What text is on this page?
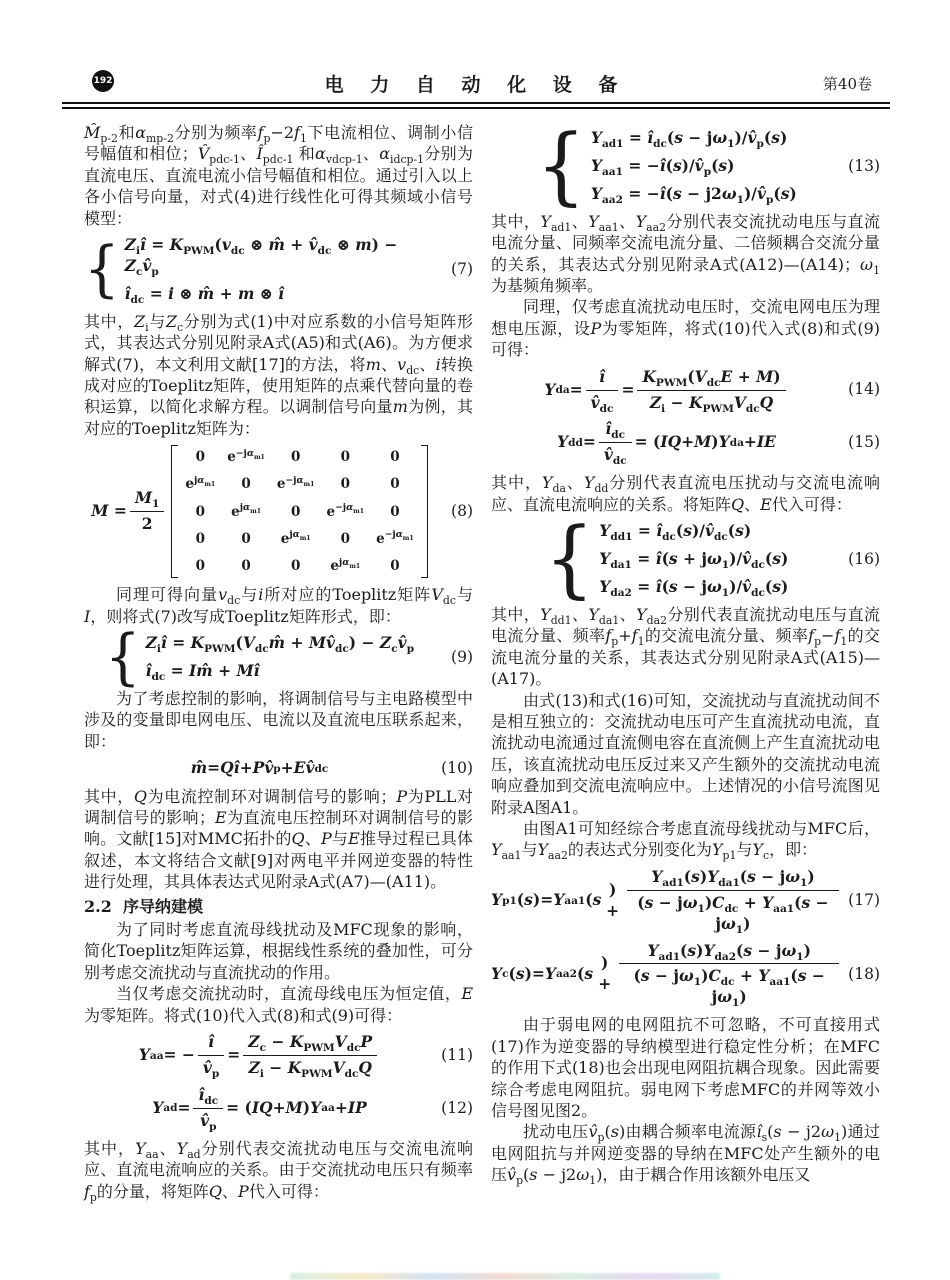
192	电 力 自 动 化 设 备	第40卷

$M̂_{p-2}$和$\alpha_{mp-2}$分别为频率$f_p-2f_1$下电流相位、调制小信号幅值和相位；$V̂_{pdc-1}$、$Î_{pdc-1}$ 和$\alpha_{vdcp-1}$、$\alpha_{idcp-1}$分别为直流电压、直流电流小信号幅值和相位。通过引入以上各小信号向量，对式(4)进行线性化可得其频域小信号模型：

{ $Z_iî = K_{PWM}(v_{dc}$ ⊗ m̂ + $v̂_{dc}$ ⊗ $m) - Z_cv̂_p$
$î_{dc} = i$ ⊗ m̂ + m ⊗ î
(7)

其中，$Z_i$与$Z_c$分别为式(1)中对应系数的小信号矩阵形式，其表达式分别见附录A式(A5)和式(A6)。为方便求解式(7)，本文利用文献[17]的方法，将m、$v_{dc}$、i转换成对应的Toeplitz矩阵，使用矩阵的点乘代替向量的卷积运算，以简化求解方程。以调制信号向量m为例，其对应的Toeplitz矩阵为：

$M = \frac{M_1}{2}$
0 $e^{-j\alpha_{m1}}$ 0	0	0
$e^{j\alpha_{m1}}$ 0 $e^{-j\alpha_{m1}}$ 0	0
0 $e^{j\alpha_{m1}}$ 0 $e^{-j\alpha_{m1}}$ 0
0	0 $e^{j\alpha_{m1}}$ 0 $e^{-j\alpha_{m1}}$
0	0	0 $e^{j\alpha_{m1}}$ 0
(8)

同理可得向量$v_{dc}$与i所对应的Toeplitz矩阵$V_{dc}$与I，则将式(7)改写成Toeplitz矩阵形式，即：

{ $Z_iî$ = $K_{PWM}(V_{dc}m̂$ + $Mv̂_{dc}$) − $Z_cv̂_p$
$î_{dc}$ = Im̂ + Mî
(9)

为了考虑控制的影响，将调制信号与主电路模型中涉及的变量即电网电压、电流以及直流电压联系起来，即：

m̂ = Q î + P v̂ p + E v̂ dc	(10)

其中，Q为电流控制环对调制信号的影响；P为PLL对调制信号的影响；E为直流电压控制环对调制信号的影响。文献[15]对MMC拓扑的Q、P与E推导过程已具体叙述，本文将结合文献[9]对两电平并网逆变器的特性进行处理，其具体表达式见附录A式(A7)—(A11)。

2.2  序导纳建模

为了同时考虑直流母线扰动及MFC现象的影响，简化Toeplitz矩阵运算，根据线性系统的叠加性，可分别考虑交流扰动与直流扰动的作用。

当仅考虑交流扰动时，直流母线电压为恒定值，E为零矩阵。将式(10)代入式(8)和式(9)可得：

Y aa = −
î
$v̂_p$
=
$Z_c - K_{PWM}V_{dc}P$
$Z_i - K_{PWM}V_{dc}Q$
(11)
Y ad =
$î_{dc}$
$v̂_p$
= ( IQ + M ) Y aa + IP	(12)

其中，$Y_{aa}$、$Y_{ad}$分别代表交流扰动电压与交流电流响应、直流电流响应的关系。由于交流扰动电压只有频率$f_p$的分量，将矩阵Q、P代入可得：

{ $Y_{ad1}$ = $î_{dc}(s$ − $j\omega_1)/v̂_p(s)$
$Y_{aa1}$ = $-î(s)/v̂_p(s)$
$Y_{aa2}$ = −î(s − $j2\omega_1)/v̂_p(s)$
(13)

其中，$Y_{ad1}$、$Y_{aa1}$、$Y_{aa2}$分别代表交流扰动电压与直流电流分量、同频率交流电流分量、二倍频耦合交流分量的关系，其表达式分别见附录A式(A12)—(A14)；$\omega_1$为基频角频率。

同理，仅考虑直流扰动电压时，交流电网电压为理想电压源，设P为零矩阵，将式(10)代入式(8)和式(9)可得：

Y da =
î
$v̂_{dc}$
=
$K_{PWM}(V_{dc}E + M)$
$Z_i - K_{PWM}V_{dc}Q$
(14)
Y dd =
$î_{dc}$
$v̂_{dc}$
= ( IQ + M ) Y da + IE	(15)

其中，$Y_{da}$、$Y_{dd}$分别代表直流电压扰动与交流电流响应、直流电流响应的关系。将矩阵Q、E代入可得：

{ $Y_{dd1}$ = $î_{dc}(s)/v̂_{dc}(s)$
$Y_{da1}$ = î(s + $j\omega_1)/v̂_{dc}(s)$
$Y_{da2}$ = î(s − $j\omega_1)/v̂_{dc}(s)$
(16)

其中，$Y_{dd1}$、$Y_{da1}$、$Y_{da2}$分别代表直流扰动电压与直流电流分量、频率$f_p+f_1$的交流电流分量、频率$f_p-f_1$的交流电流分量的关系，其表达式分别见附录A式(A15)—(A17)。

由式(13)和式(16)可知，交流扰动与直流扰动间不是相互独立的：交流扰动电压可产生直流扰动电流，直流扰动电流通过直流侧电容在直流侧上产生直流扰动电压，该直流扰动电压反过来又产生额外的交流扰动电流响应叠加到交流电流响应中。上述情况的小信号流图见附录A图A1。

由图A1可知经综合考虑直流母线扰动与MFC后，$Y_{aa1}$与$Y_{aa2}$的表达式分别变化为$Y_{p1}$与$Y_c$，即：

Y p1 ( s )= Y aa1 ( s
) +
$Y_{ad1}(s)Y_{da1}(s - j\omega_1)$
$(s - j\omega_1)C_{dc} + Y_{aa1}(s - j\omega_1)$
(17)
Y c ( s )= Y aa2 ( s
) +
$Y_{ad1}(s)Y_{da2}(s - j\omega_1)$
$(s - j\omega_1)C_{dc} + Y_{aa1}(s - j\omega_1)$
(18)

由于弱电网的电网阻抗不可忽略，不可直接用式(17)作为逆变器的导纳模型进行稳定性分析；在MFC的作用下式(18)也会出现电网阻抗耦合现象。因此需要综合考虑电网阻抗。弱电网下考虑MFC的并网等效小信号图见图2。

扰动电压$v̂_p(s)$由耦合频率电流源$î_s(s - j2\omega_1)$通过电网阻抗与并网逆变器的导纳在MFC处产生额外的电压$v̂_p(s - j2\omega_1)$，由于耦合作用该额外电压又
